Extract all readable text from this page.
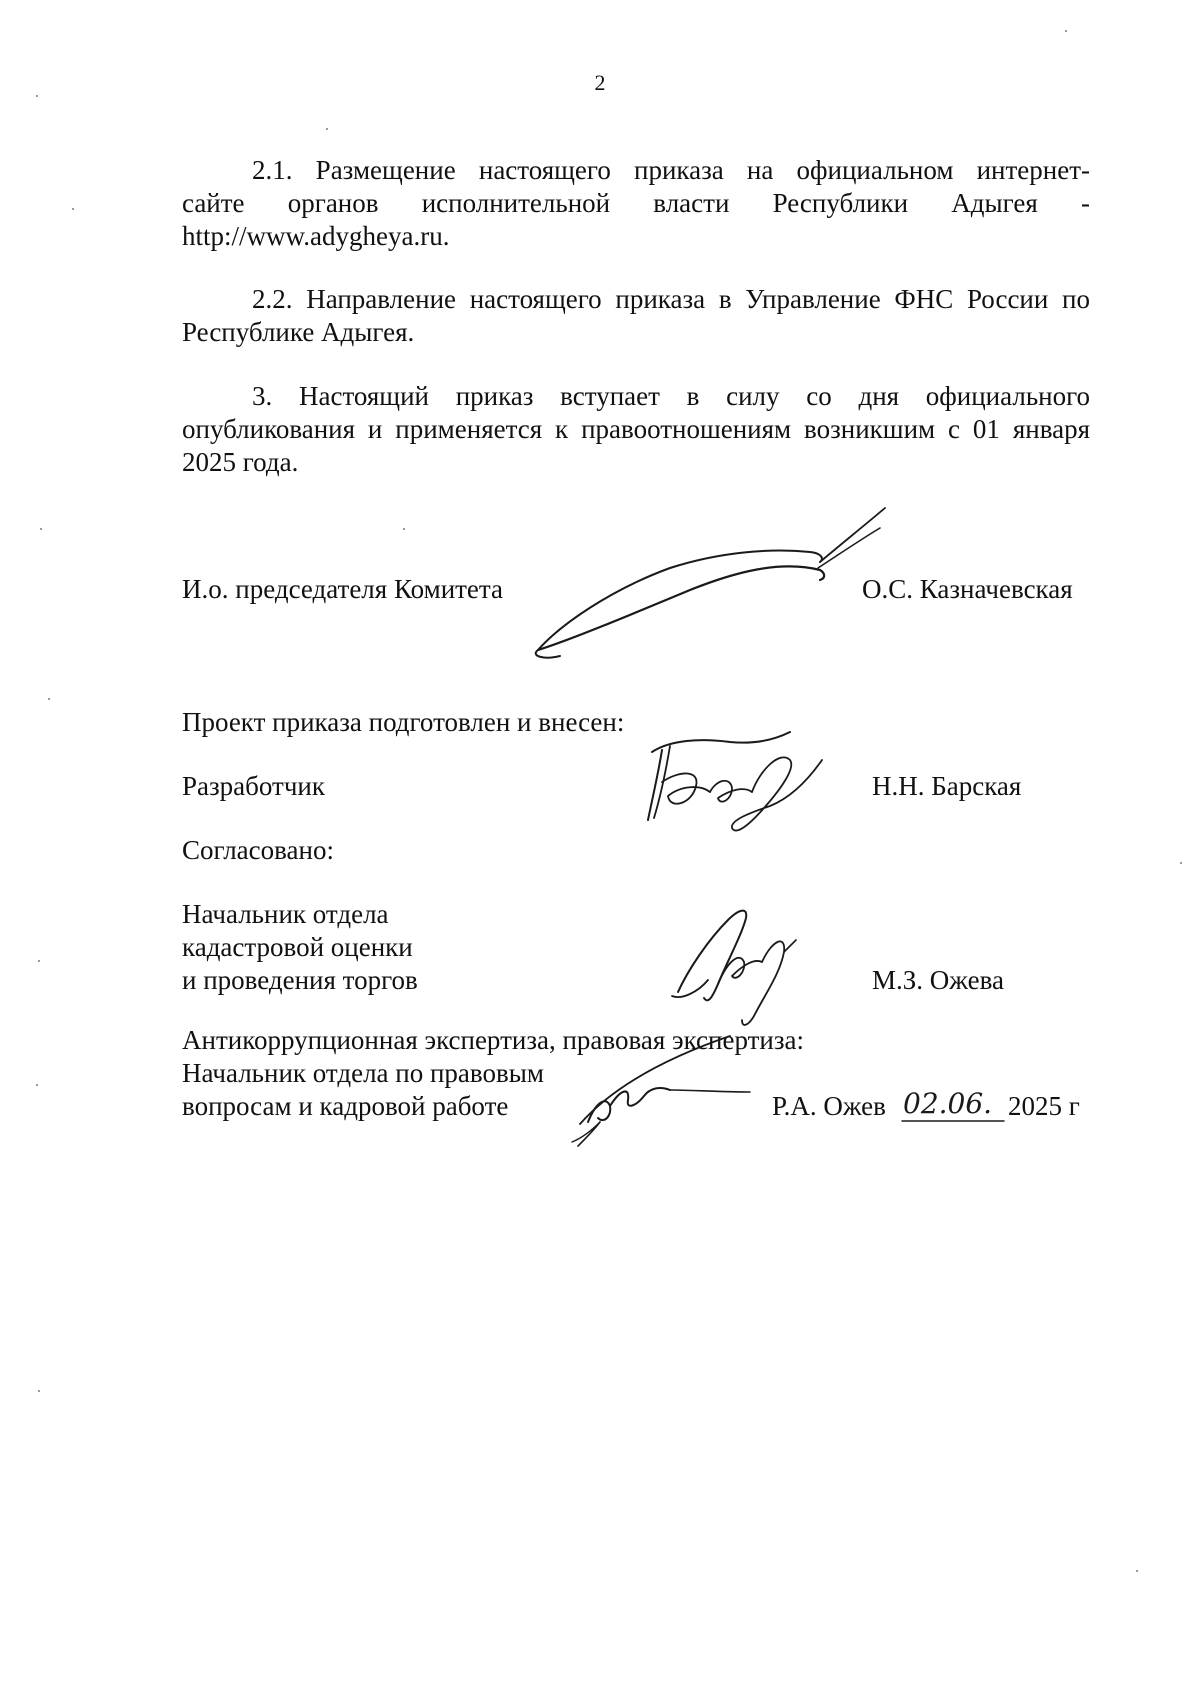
2
2.1. Размещение настоящего приказа на официальном интернет-
сайте органов исполнительной власти Республики Адыгея -
http://www.adygheya.ru.
2.2. Направление настоящего приказа в Управление ФНС России по
Республике Адыгея.
3. Настоящий приказ вступает в силу со дня официального
опубликования и применяется к правоотношениям возникшим с 01 января
2025 года.
И.о. председателя Комитета	О.С. Казначевская
Проект приказа подготовлен и внесен:
Разработчик	Н.Н. Барская
Согласовано:
Начальник отдела
кадастровой оценки
и проведения торгов	М.З. Ожева
Антикоррупционная экспертиза, правовая экспертиза:
Начальник отдела по правовым
вопросам и кадровой работе	Р.А. Ожев 02.06. 2025 г
